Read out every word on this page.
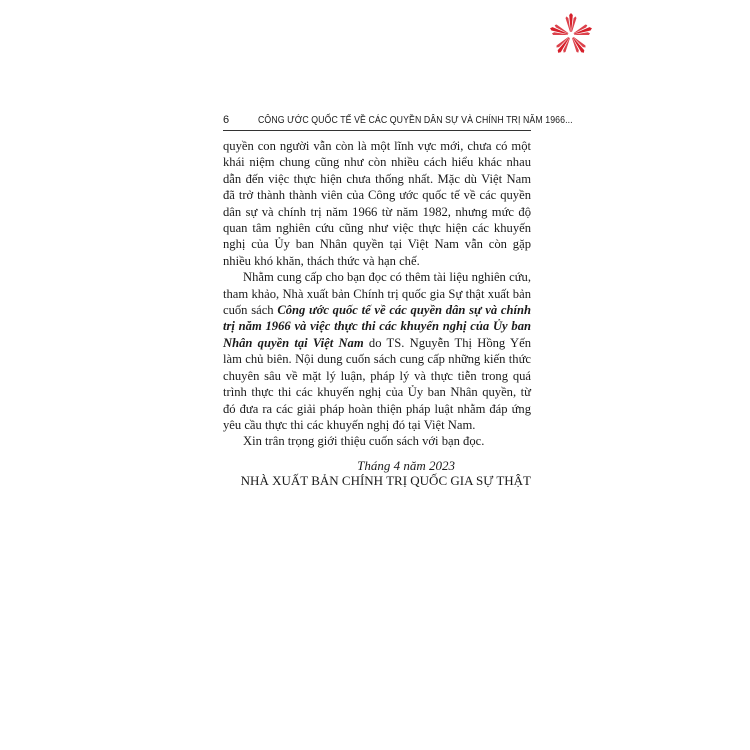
6	CÔNG ƯỚC QUỐC TẾ VỀ CÁC QUYỀN DÂN SỰ VÀ CHÍNH TRỊ NĂM 1966...

quyền con người vẫn còn là một lĩnh vực mới, chưa có một khái niệm chung cũng như còn nhiều cách hiểu khác nhau dẫn đến việc thực hiện chưa thống nhất. Mặc dù Việt Nam đã trở thành thành viên của Công ước quốc tế về các quyền dân sự và chính trị năm 1966 từ năm 1982, nhưng mức độ quan tâm nghiên cứu cũng như việc thực hiện các khuyến nghị của Ủy ban Nhân quyền tại Việt Nam vẫn còn gặp nhiều khó khăn, thách thức và hạn chế.

Nhằm cung cấp cho bạn đọc có thêm tài liệu nghiên cứu, tham khảo, Nhà xuất bản Chính trị quốc gia Sự thật xuất bản cuốn sách Công ước quốc tế về các quyền dân sự và chính trị năm 1966 và việc thực thi các khuyến nghị của Ủy ban Nhân quyền tại Việt Nam do TS. Nguyễn Thị Hồng Yến làm chủ biên. Nội dung cuốn sách cung cấp những kiến thức chuyên sâu về mặt lý luận, pháp lý và thực tiễn trong quá trình thực thi các khuyến nghị của Ủy ban Nhân quyền, từ đó đưa ra các giải pháp hoàn thiện pháp luật nhằm đáp ứng yêu cầu thực thi các khuyến nghị đó tại Việt Nam.

Xin trân trọng giới thiệu cuốn sách với bạn đọc.

Tháng 4 năm 2023
NHÀ XUẤT BẢN CHÍNH TRỊ QUỐC GIA SỰ THẬT
